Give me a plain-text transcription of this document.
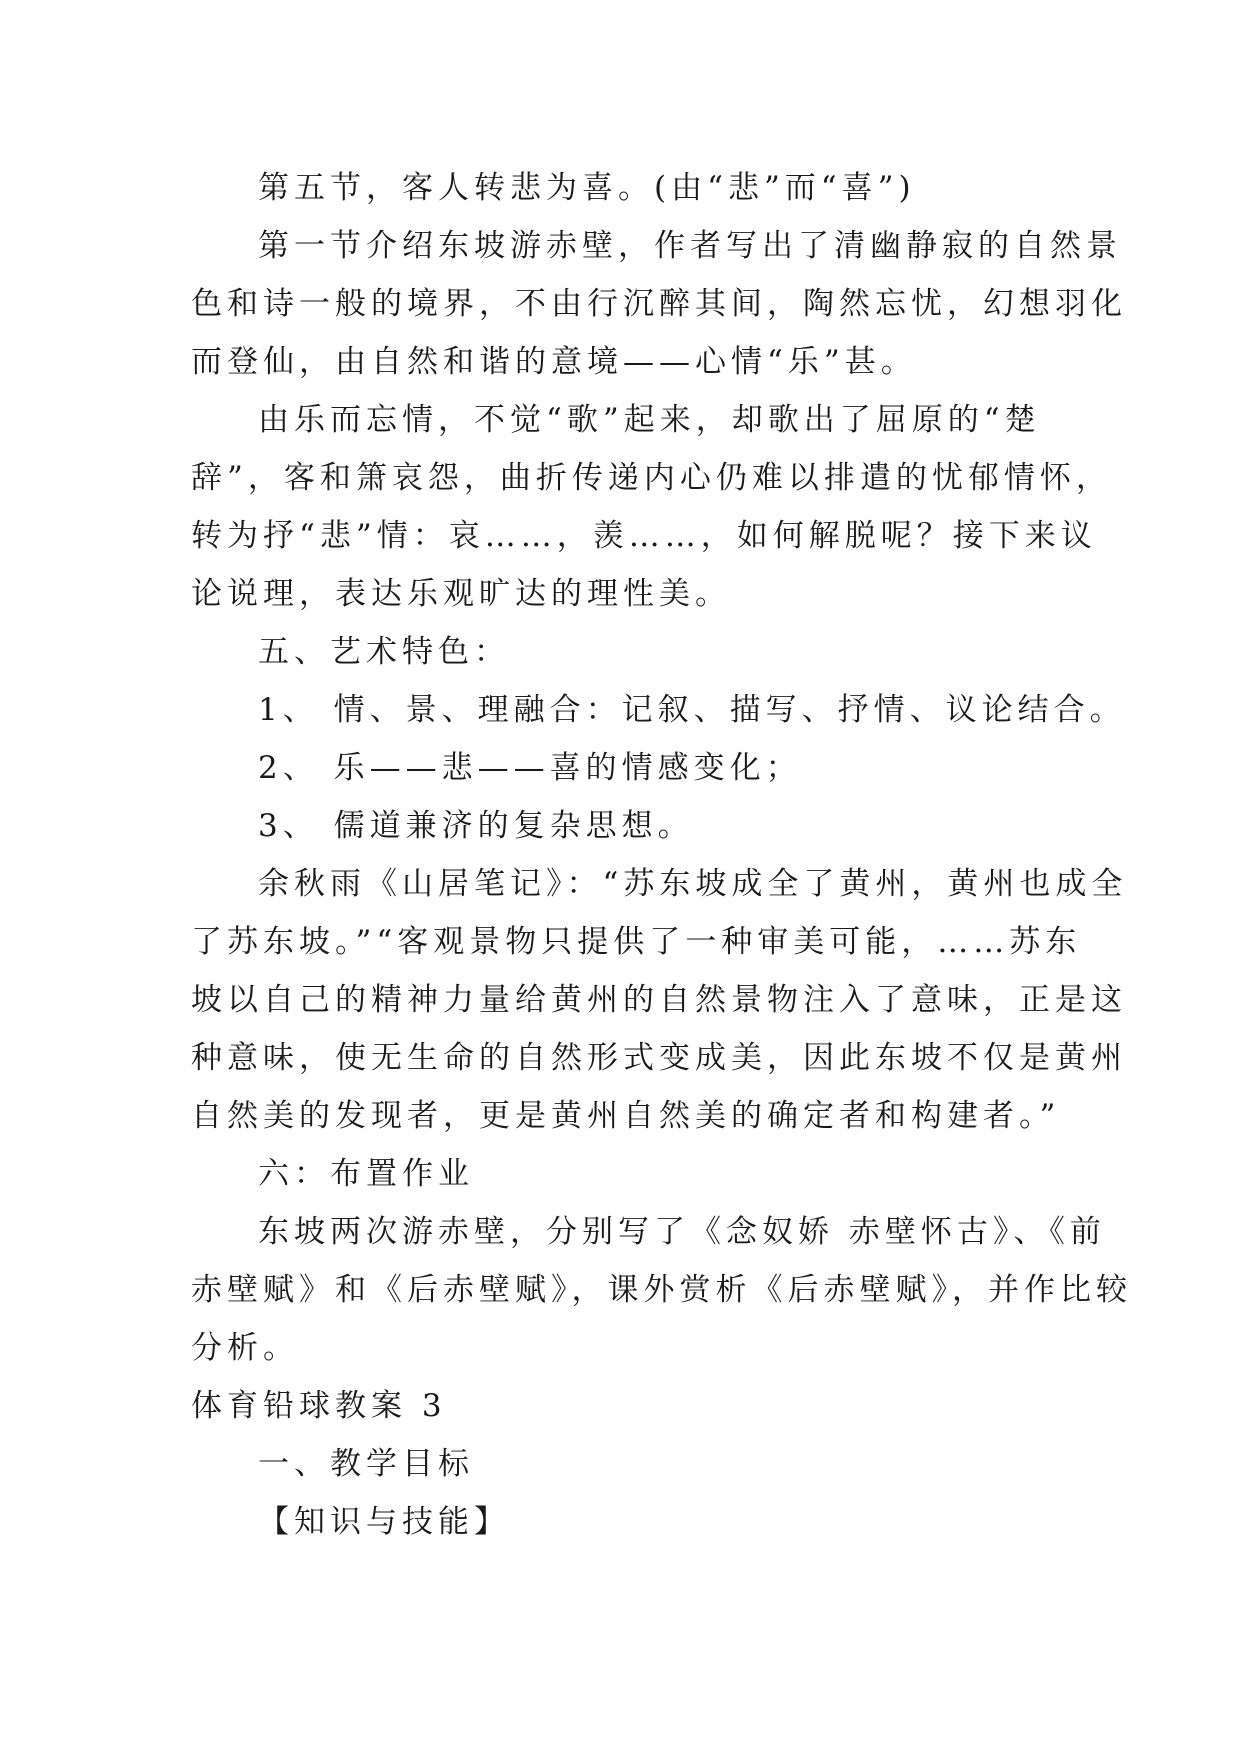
第五节，客人转悲为喜。(由“悲”而“喜”)
第一节介绍东坡游赤壁，作者写出了清幽静寂的自然景
色和诗一般的境界，不由行沉醉其间，陶然忘忧，幻想羽化
而登仙，由自然和谐的意境——心情“乐”甚。
由乐而忘情，不觉“歌”起来，却歌出了屈原的“楚
辞”，客和箫哀怨，曲折传递内心仍难以排遣的忧郁情怀，
转为抒“悲”情：哀……，羡……，如何解脱呢？接下来议
论说理，表达乐观旷达的理性美。
五、艺术特色：
1、 情、景、理融合：记叙、描写、抒情、议论结合。
2、 乐——悲——喜的情感变化；
3、 儒道兼济的复杂思想。
余秋雨《山居笔记》：“苏东坡成全了黄州，黄州也成全
了苏东坡。”“客观景物只提供了一种审美可能，……苏东
坡以自己的精神力量给黄州的自然景物注入了意味，正是这
种意味，使无生命的自然形式变成美，因此东坡不仅是黄州
自然美的发现者，更是黄州自然美的确定者和构建者。”
六：布置作业
东坡两次游赤壁，分别写了《念奴娇 赤壁怀古》、《前
赤壁赋》和《后赤壁赋》，课外赏析《后赤壁赋》，并作比较
分析。
体育铅球教案 3
一、教学目标
【知识与技能】
